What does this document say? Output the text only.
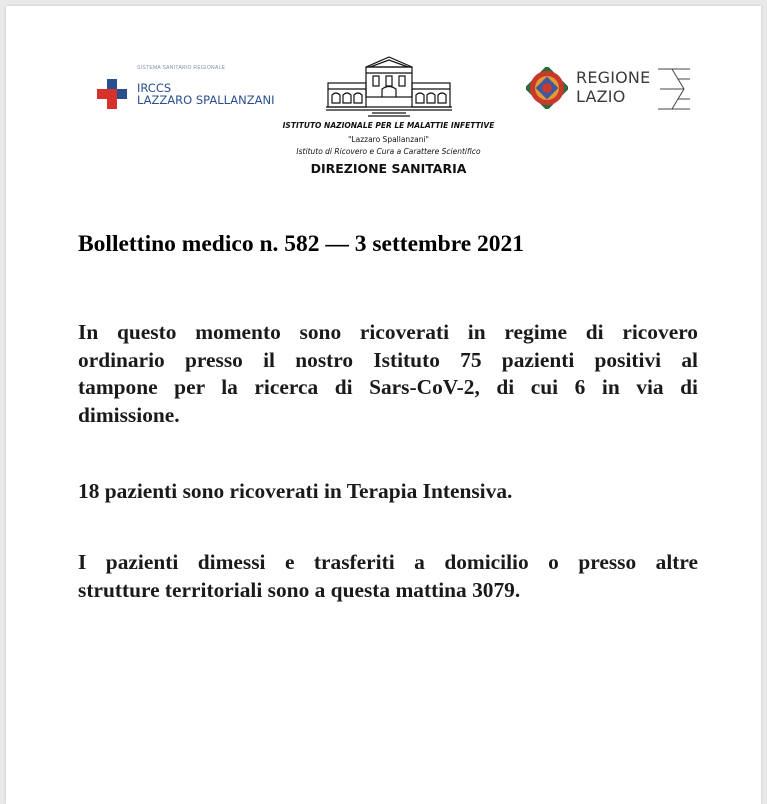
SISTEMA SANITARIO REGIONALE
IRCCS
LAZZARO SPALLANZANI
REGIONE
LAZIO
ISTITUTO NAZIONALE PER LE MALATTIE INFETTIVE
"Lazzaro Spallanzani"
Istituto di Ricovero e Cura a Carattere Scientifico
DIREZIONE SANITARIA
Bollettino medico n. 582 — 3 settembre 2021
In questo momento sono ricoverati in regime di ricovero
ordinario presso il nostro Istituto 75 pazienti positivi al
tampone per la ricerca di Sars-CoV-2, di cui 6 in via di
dimissione.
18 pazienti sono ricoverati in Terapia Intensiva.
I pazienti dimessi e trasferiti a domicilio o presso altre
strutture territoriali sono a questa mattina 3079.
